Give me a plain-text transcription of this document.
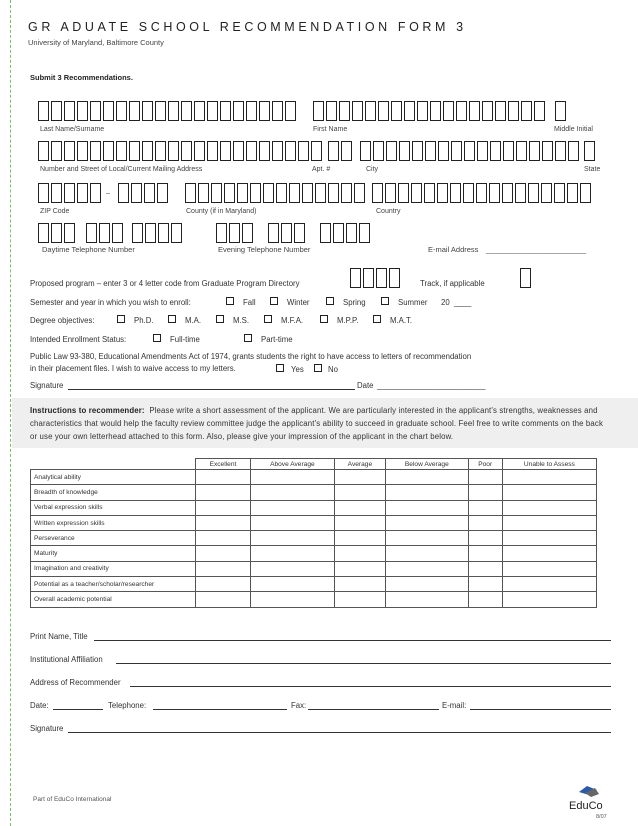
GR ADUATE SCHOOL RECOMMENDATION FORM 3
University of Maryland, Baltimore County
Submit 3 Recommendations.
Last Name/Surname	First Name	Middle Initial
Number and Street of Local/Current Mailing Address	Apt. #	City	State
–
ZIP Code	County (if in Maryland)	Country
Daytime Telephone Number	Evening Telephone Number	E-mail Address ________________________
Proposed program – enter 3 or 4 letter code from Graduate Program Directory	Track, if applicable
Semester and year in which you wish to enroll:	Fall	Winter	Spring	Summer 20 ____
Degree objectives:	Ph.D.	M.A.	M.S.	M.F.A.	M.P.P.	M.A.T.
Intended Enrollment Status:	Full-time	Part-time
Public Law 93-380, Educational Amendments Act of 1974, grants students the right to have access to letters of recommendation
in their placement files. I wish to waive access to my letters.	Yes	No
Signature	Date _________________________
Instructions to recommender: Please write a short assessment of the applicant. We are particularly interested in the applicant's strengths, weaknesses and characteristics that would help the faculty review committee judge the applicant's ability to succeed in graduate school. Feel free to write comments on the back or use your own letterhead attached to this form. Also, please give your impression of the applicant in the chart below.
	Excellent	Above Average	Average	Below Average	Poor	Unable to Assess
Analytical ability						
Breadth of knowledge						
Verbal expression skills						
Written expression skills						
Perseverance						
Maturity						
Imagination and creativity						
Potential as a teacher/scholar/researcher						
Overall academic potential						
Print Name, Title
Institutional Affiliation
Address of Recommender
Date:	Telephone:	Fax:	E-mail:
Signature
Part of EduCo International
EduCo
8/07
